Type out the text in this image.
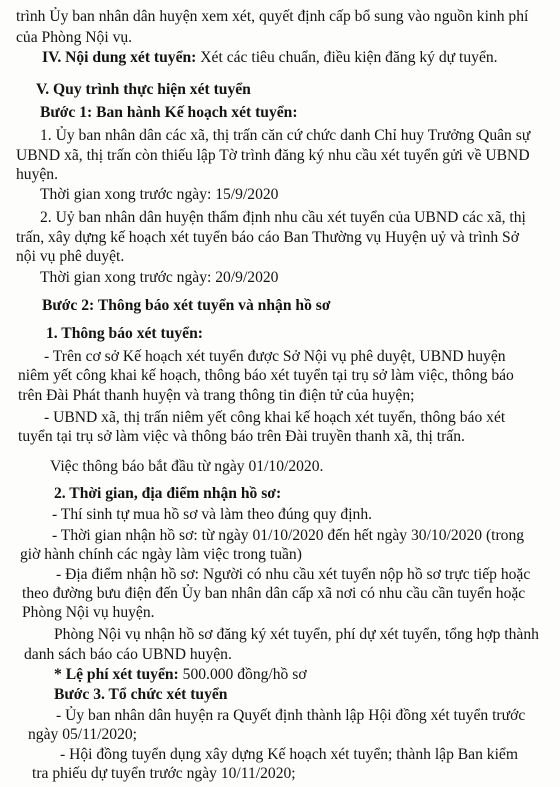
trình Ủy ban nhân dân huyện xem xét, quyết định cấp bổ sung vào nguồn kinh phí
của Phòng Nội vụ.
IV. Nội dung xét tuyển: Xét các tiêu chuẩn, điều kiện đăng ký dự tuyển.
V. Quy trình thực hiện xét tuyển
Bước 1: Ban hành Kế hoạch xét tuyển:
1. Ủy ban nhân dân các xã, thị trấn căn cứ chức danh Chỉ huy Trưởng Quân sự
UBND xã, thị trấn còn thiếu lập Tờ trình đăng ký nhu cầu xét tuyển gửi về UBND
huyện.
Thời gian xong trước ngày: 15/9/2020
2. Uỷ ban nhân dân huyện thẩm định nhu cầu xét tuyển của UBND các xã, thị
trấn, xây dựng kế hoạch xét tuyển báo cáo Ban Thường vụ Huyện uỷ và trình Sở
nội vụ phê duyệt.
Thời gian xong trước ngày: 20/9/2020
Bước 2: Thông báo xét tuyển và nhận hồ sơ
1. Thông báo xét tuyển:
- Trên cơ sở Kế hoạch xét tuyển được Sở Nội vụ phê duyệt, UBND huyện
niêm yết công khai kế hoạch, thông báo xét tuyển tại trụ sở làm việc, thông báo
trên Đài Phát thanh huyện và trang thông tin điện tử của huyện;
- UBND xã, thị trấn niêm yết công khai kế hoạch xét tuyển, thông báo xét
tuyển tại trụ sở làm việc và thông báo trên Đài truyền thanh xã, thị trấn.
Việc thông báo bắt đầu từ ngày 01/10/2020.
2. Thời gian, địa điểm nhận hồ sơ:
- Thí sinh tự mua hồ sơ và làm theo đúng quy định.
- Thời gian nhận hồ sơ: từ ngày 01/10/2020 đến hết ngày 30/10/2020 (trong
giờ hành chính các ngày làm việc trong tuần)
- Địa điểm nhận hồ sơ: Người có nhu cầu xét tuyển nộp hồ sơ trực tiếp hoặc
theo đường bưu điện đến Ủy ban nhân dân cấp xã nơi có nhu cầu cần tuyển hoặc
Phòng Nội vụ huyện.
Phòng Nội vụ nhận hồ sơ đăng ký xét tuyển, phí dự xét tuyển, tổng hợp thành
danh sách báo cáo UBND huyện.
* Lệ phí xét tuyển: 500.000 đồng/hồ sơ
Bước 3. Tổ chức xét tuyển
- Ủy ban nhân dân huyện ra Quyết định thành lập Hội đồng xét tuyển trước
ngày 05/11/2020;
- Hội đồng tuyển dụng xây dựng Kế hoạch xét tuyển; thành lập Ban kiểm
tra phiếu dự tuyển trước ngày 10/11/2020;
